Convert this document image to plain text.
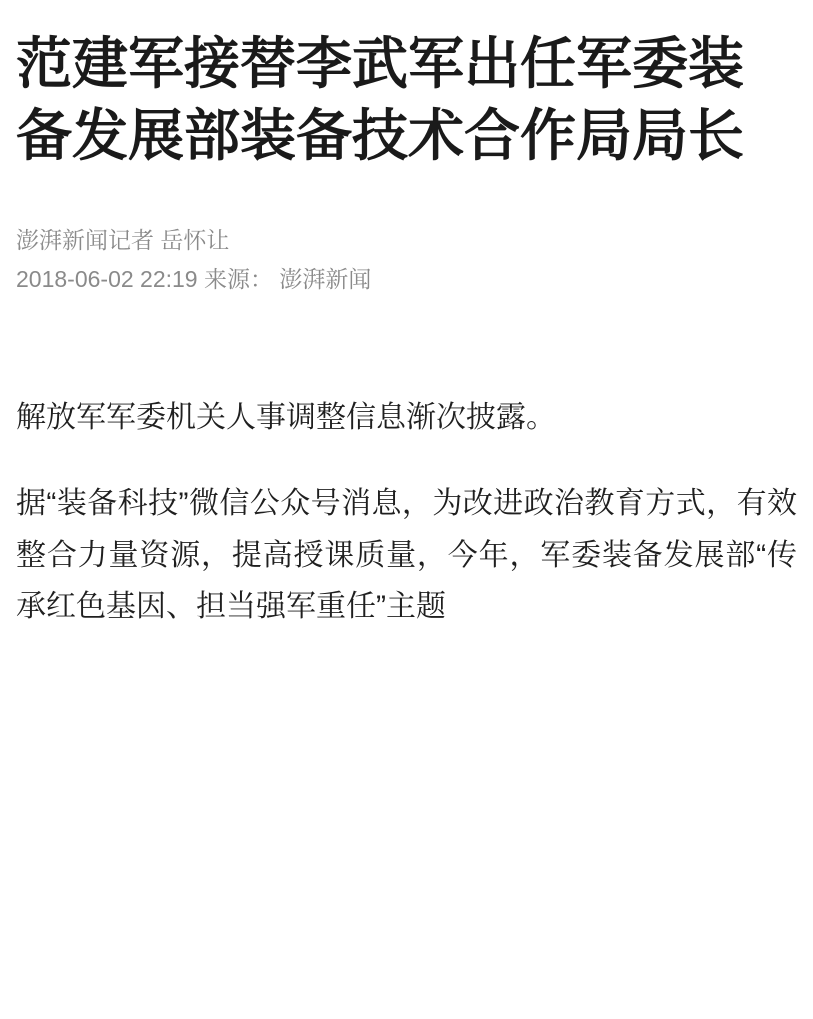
范建军接替李武军出任军委装备发展部装备技术合作局局长
澎湃新闻记者 岳怀让
2018-06-02 22:19 来源： 澎湃新闻

解放军军委机关人事调整信息渐次披露。

据“装备科技”微信公众号消息，为改进政治教育方式，有效整合力量资源，提高授课质量，今年，军委装备发展部“传承红色基因、担当强军重任”主题
